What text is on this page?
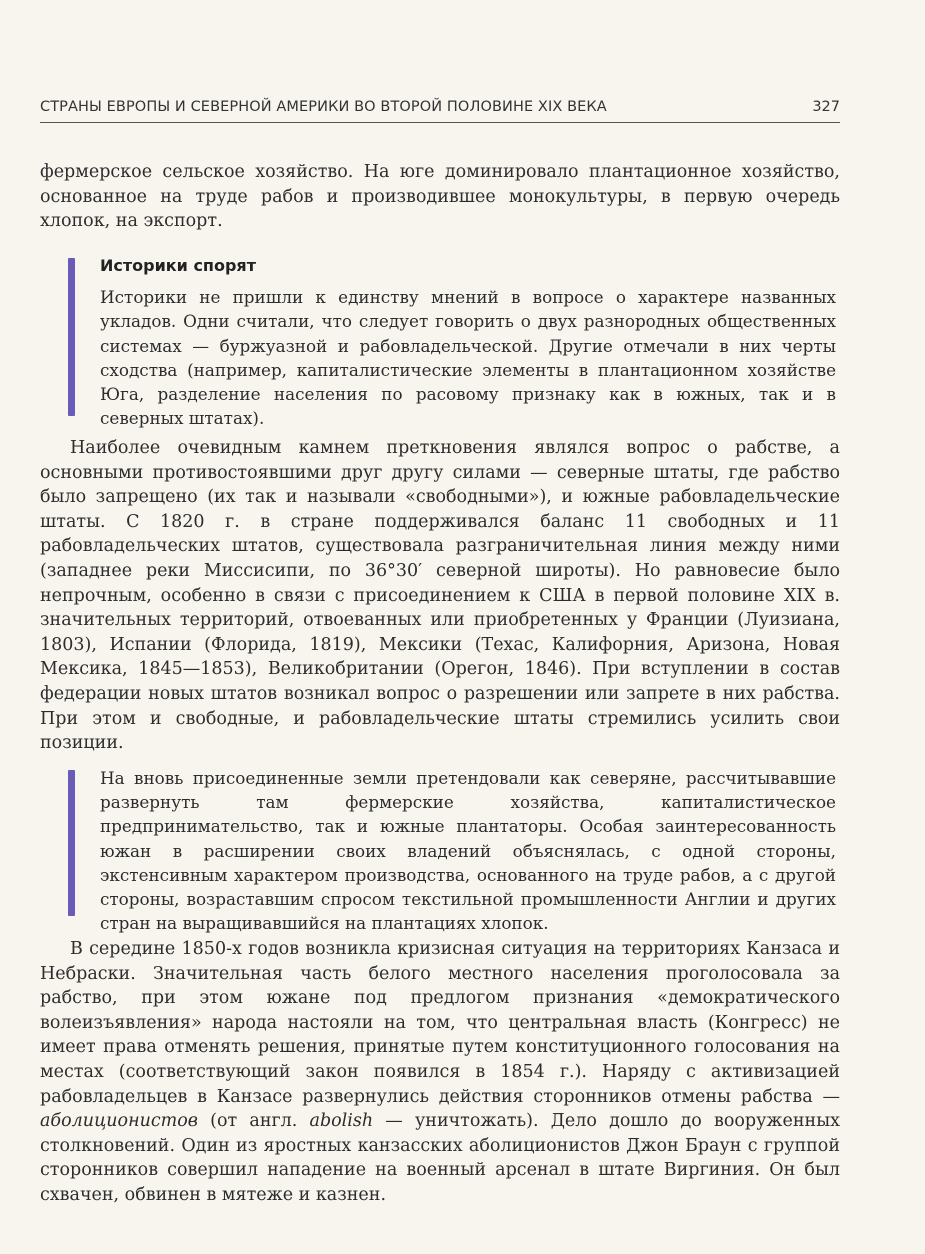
СТРАНЫ ЕВРОПЫ И СЕВЕРНОЙ АМЕРИКИ ВО ВТОРОЙ ПОЛОВИНЕ XIX ВЕКА	327

фермерское сельское хозяйство. На юге доминировало плантационное хозяйство, основанное на труде рабов и производившее монокультуры, в первую очередь хлопок, на экспорт.

Историки спорят

Историки не пришли к единству мнений в вопросе о характере названных укладов. Одни считали, что следует говорить о двух разнородных общественных системах — буржуазной и рабовладельческой. Другие отмечали в них черты сходства (например, капиталистические элементы в плантационном хозяйстве Юга, разделение населения по расовому признаку как в южных, так и в северных штатах).

Наиболее очевидным камнем преткновения являлся вопрос о рабстве, а основными противостоявшими друг другу силами — северные штаты, где рабство было запрещено (их так и называли «свободными»), и южные рабовладельческие штаты. С 1820 г. в стране поддерживался баланс 11 свободных и 11 рабовладельческих штатов, существовала разграничительная линия между ними (западнее реки Миссисипи, по 36°30′ северной широты). Но равновесие было непрочным, особенно в связи с присоединением к США в первой половине XIX в. значительных территорий, отвоеванных или приобретенных у Франции (Луизиана, 1803), Испании (Флорида, 1819), Мексики (Техас, Калифорния, Аризона, Новая Мексика, 1845—1853), Великобритании (Орегон, 1846). При вступлении в состав федерации новых штатов возникал вопрос о разрешении или запрете в них рабства. При этом и свободные, и рабовладельческие штаты стремились усилить свои позиции.

На вновь присоединенные земли претендовали как северяне, рассчитывавшие развернуть там фермерские хозяйства, капиталистическое предпринимательство, так и южные плантаторы. Особая заинтересованность южан в расширении своих владений объяснялась, с одной стороны, экстенсивным характером производства, основанного на труде рабов, а с другой стороны, возраставшим спросом текстильной промышленности Англии и других стран на выращивавшийся на плантациях хлопок.

В середине 1850-х годов возникла кризисная ситуация на территориях Канзаса и Небраски. Значительная часть белого местного населения проголосовала за рабство, при этом южане под предлогом признания «демократического волеизъявления» народа настояли на том, что центральная власть (Конгресс) не имеет права отменять решения, принятые путем конституционного голосования на местах (соответствующий закон появился в 1854 г.). Наряду с активизацией рабовладельцев в Канзасе развернулись действия сторонников отмены рабства — аболиционистов (от англ. abolish — уничтожать). Дело дошло до вооруженных столкновений. Один из яростных канзасских аболиционистов Джон Браун с группой сторонников совершил нападение на военный арсенал в штате Виргиния. Он был схвачен, обвинен в мятеже и казнен.
